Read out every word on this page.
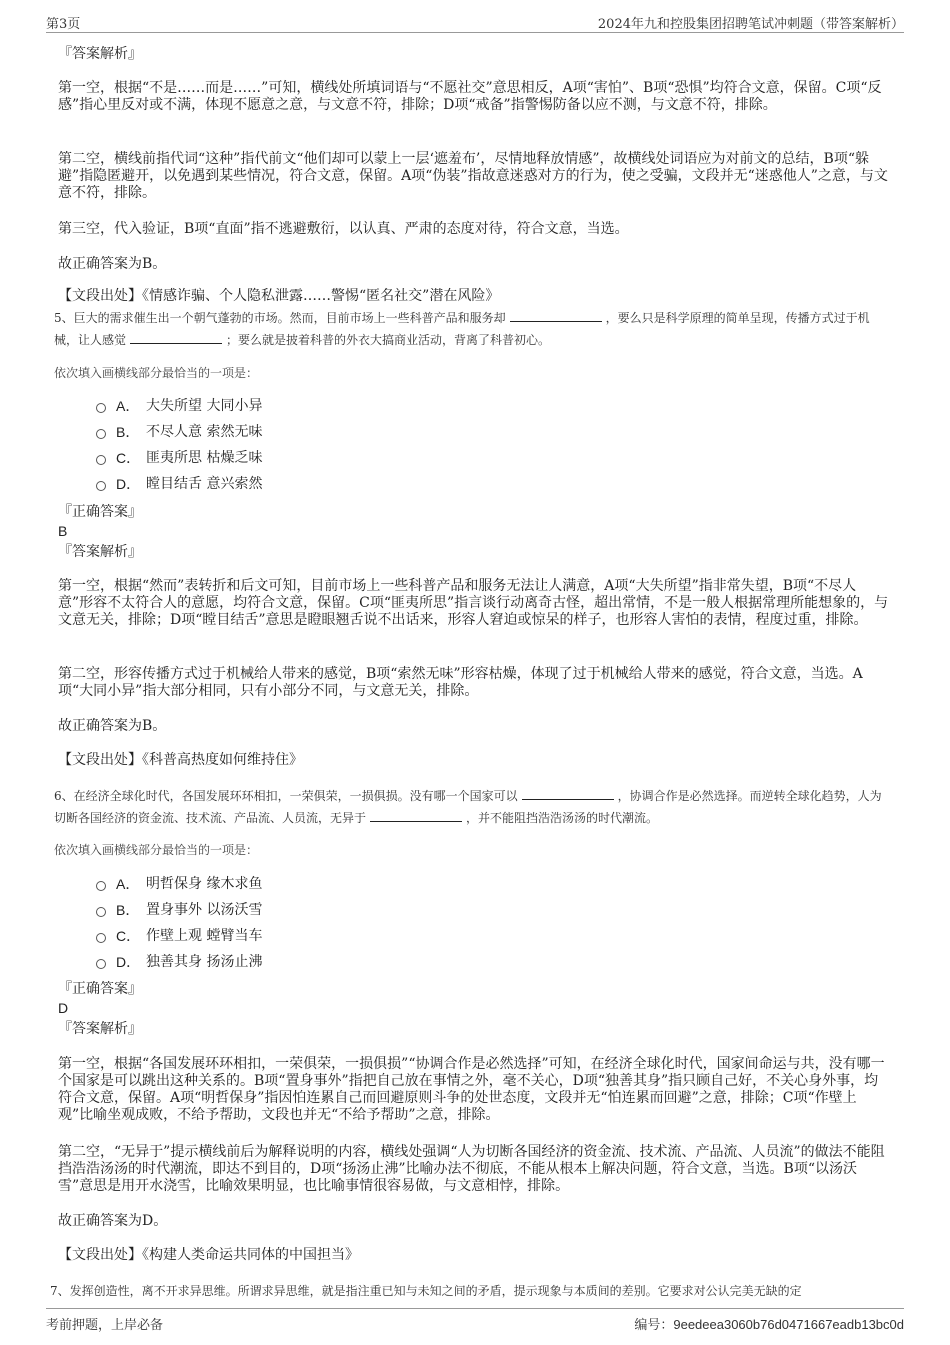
第3页	2024年九和控股集团招聘笔试冲刺题（带答案解析）

『答案解析』

第一空，根据“不是……而是……”可知，横线处所填词语与“不愿社交”意思相反，A项“害怕”、B项“恐惧”均符合文意，保留。C项“反感”指心里反对或不满，体现不愿意之意，与文意不符，排除；D项“戒备”指警惕防备以应不测，与文意不符，排除。

第二空，横线前指代词“这种”指代前文“他们却可以蒙上一层‘遮羞布’，尽情地释放情感”，故横线处词语应为对前文的总结，B项“躲避”指隐匿避开，以免遇到某些情况，符合文意，保留。A项“伪装”指故意迷惑对方的行为，使之受骗，文段并无“迷惑他人”之意，与文意不符，排除。

第三空，代入验证，B项“直面”指不逃避敷衍，以认真、严肃的态度对待，符合文意，当选。

故正确答案为B。

【文段出处】《情感诈骗、个人隐私泄露……警惕“匿名社交”潜在风险》

5、巨大的需求催生出一个朝气蓬勃的市场。然而，目前市场上一些科普产品和服务却	，要么只是科学原理的简单呈现，传播方式过于机械，让人感觉	；要么就是披着科普的外衣大搞商业活动，背离了科普初心。

依次填入画横线部分最恰当的一项是：

A． 大失所望 大同小异
B． 不尽人意 索然无味
C． 匪夷所思 枯燥乏味
D． 瞠目结舌 意兴索然

『正确答案』

B

『答案解析』

第一空，根据“然而”表转折和后文可知，目前市场上一些科普产品和服务无法让人满意，A项“大失所望”指非常失望，B项“不尽人意”形容不太符合人的意愿，均符合文意，保留。C项“匪夷所思”指言谈行动离奇古怪，超出常情，不是一般人根据常理所能想象的，与文意无关，排除；D项“瞠目结舌”意思是瞪眼翘舌说不出话来，形容人窘迫或惊呆的样子，也形容人害怕的表情，程度过重，排除。

第二空，形容传播方式过于机械给人带来的感觉，B项“索然无味”形容枯燥，体现了过于机械给人带来的感觉，符合文意，当选。A项“大同小异”指大部分相同，只有小部分不同，与文意无关，排除。

故正确答案为B。

【文段出处】《科普高热度如何维持住》

6、在经济全球化时代，各国发展环环相扣，一荣俱荣，一损俱损。没有哪一个国家可以	，协调合作是必然选择。而逆转全球化趋势，人为切断各国经济的资金流、技术流、产品流、人员流，无异于	，并不能阻挡浩浩汤汤的时代潮流。

依次填入画横线部分最恰当的一项是：

A． 明哲保身 缘木求鱼
B． 置身事外 以汤沃雪
C． 作壁上观 螳臂当车
D． 独善其身 扬汤止沸

『正确答案』

D

『答案解析』

第一空，根据“各国发展环环相扣，一荣俱荣，一损俱损”“协调合作是必然选择”可知，在经济全球化时代，国家间命运与共，没有哪一个国家是可以跳出这种关系的。B项“置身事外”指把自己放在事情之外，毫不关心，D项“独善其身”指只顾自己好，不关心身外事，均符合文意，保留。A项“明哲保身”指因怕连累自己而回避原则斗争的处世态度，文段并无“怕连累而回避”之意，排除；C项“作壁上观”比喻坐观成败，不给予帮助，文段也并无“不给予帮助”之意，排除。

第二空，“无异于”提示横线前后为解释说明的内容，横线处强调“人为切断各国经济的资金流、技术流、产品流、人员流”的做法不能阻挡浩浩汤汤的时代潮流，即达不到目的，D项“扬汤止沸”比喻办法不彻底，不能从根本上解决问题，符合文意，当选。B项“以汤沃雪”意思是用开水浇雪，比喻效果明显，也比喻事情很容易做，与文意相悖，排除。

故正确答案为D。

【文段出处】《构建人类命运共同体的中国担当》

7、发挥创造性，离不开求异思维。所谓求异思维，就是指注重已知与未知之间的矛盾，提示现象与本质间的差别。它要求对公认完美无缺的定

考前押题，上岸必备	编号：9eedeea3060b76d0471667eadb13bc0d
